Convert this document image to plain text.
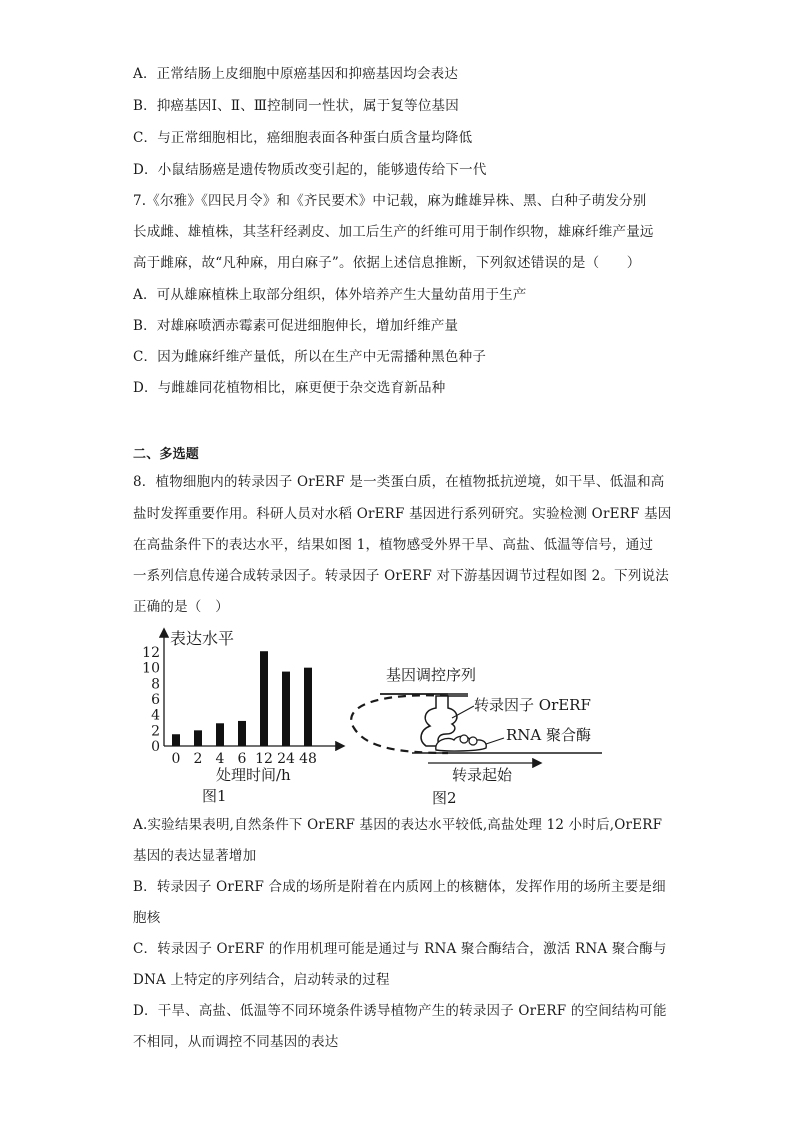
A．正常结肠上皮细胞中原癌基因和抑癌基因均会表达
B．抑癌基因Ⅰ、Ⅱ、Ⅲ控制同一性状，属于复等位基因
C．与正常细胞相比，癌细胞表面各种蛋白质含量均降低
D．小鼠结肠癌是遗传物质改变引起的，能够遗传给下一代
7.《尔雅》《四民月令》和《齐民要术》中记载，麻为雌雄异株、黑、白种子萌发分别
长成雌、雄植株，其茎秆经剥皮、加工后生产的纤维可用于制作织物，雄麻纤维产量远
高于雌麻，故“凡种麻，用白麻子”。依据上述信息推断，下列叙述错误的是（　　）
A．可从雄麻植株上取部分组织，体外培养产生大量幼苗用于生产
B．对雄麻喷洒赤霉素可促进细胞伸长，增加纤维产量
C．因为雌麻纤维产量低，所以在生产中无需播种黑色种子
D．与雌雄同花植物相比，麻更便于杂交选育新品种
二、多选题
8．植物细胞内的转录因子 OrERF 是一类蛋白质，在植物抵抗逆境，如干旱、低温和高
盐时发挥重要作用。科研人员对水稻 OrERF 基因进行系列研究。实验检测 OrERF 基因
在高盐条件下的表达水平，结果如图 1，植物感受外界干旱、高盐、低温等信号，通过
一系列信息传递合成转录因子。转录因子 OrERF 对下游基因调节过程如图 2。下列说法
正确的是（　）
表达水平
0
2
4
6
8
10
12
0 2 4 6 12 24 48
处理时间/h
图1
基因调控序列
转录因子 OrERF
RNA 聚合酶
转录起始
图2
A.实验结果表明,自然条件下 OrERF 基因的表达水平较低,高盐处理 12 小时后,OrERF
基因的表达显著增加
B．转录因子 OrERF 合成的场所是附着在内质网上的核糖体，发挥作用的场所主要是细
胞核
C．转录因子 OrERF 的作用机理可能是通过与 RNA 聚合酶结合，激活 RNA 聚合酶与
DNA 上特定的序列结合，启动转录的过程
D．干旱、高盐、低温等不同环境条件诱导植物产生的转录因子 OrERF 的空间结构可能
不相同，从而调控不同基因的表达
